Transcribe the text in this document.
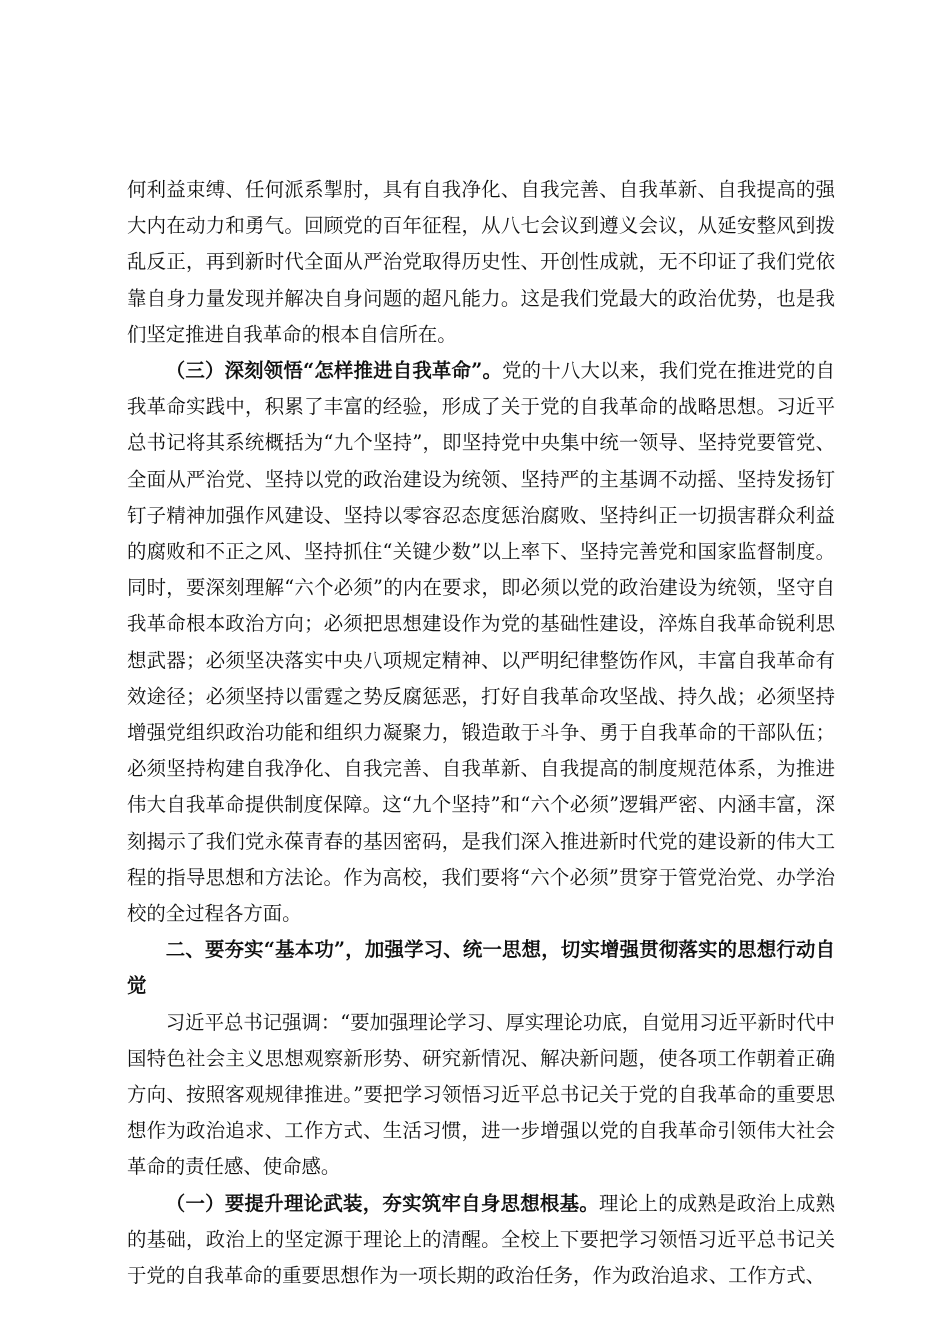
何利益束缚、任何派系掣肘，具有自我净化、自我完善、自我革新、自我提高的强大内在动力和勇气。回顾党的百年征程，从八七会议到遵义会议，从延安整风到拨乱反正，再到新时代全面从严治党取得历史性、开创性成就，无不印证了我们党依靠自身力量发现并解决自身问题的超凡能力。这是我们党最大的政治优势，也是我们坚定推进自我革命的根本自信所在。

（三）深刻领悟“怎样推进自我革命”。党的十八大以来，我们党在推进党的自我革命实践中，积累了丰富的经验，形成了关于党的自我革命的战略思想。习近平总书记将其系统概括为“九个坚持”，即坚持党中央集中统一领导、坚持党要管党、全面从严治党、坚持以党的政治建设为统领、坚持严的主基调不动摇、坚持发扬钉钉子精神加强作风建设、坚持以零容忍态度惩治腐败、坚持纠正一切损害群众利益的腐败和不正之风、坚持抓住“关键少数”以上率下、坚持完善党和国家监督制度。同时，要深刻理解“六个必须”的内在要求，即必须以党的政治建设为统领，坚守自我革命根本政治方向；必须把思想建设作为党的基础性建设，淬炼自我革命锐利思想武器；必须坚决落实中央八项规定精神、以严明纪律整饬作风，丰富自我革命有效途径；必须坚持以雷霆之势反腐惩恶，打好自我革命攻坚战、持久战；必须坚持增强党组织政治功能和组织力凝聚力，锻造敢于斗争、勇于自我革命的干部队伍；必须坚持构建自我净化、自我完善、自我革新、自我提高的制度规范体系，为推进伟大自我革命提供制度保障。这“九个坚持”和“六个必须”逻辑严密、内涵丰富，深刻揭示了我们党永葆青春的基因密码，是我们深入推进新时代党的建设新的伟大工程的指导思想和方法论。作为高校，我们要将“六个必须”贯穿于管党治党、办学治校的全过程各方面。

二、要夯实“基本功”，加强学习、统一思想，切实增强贯彻落实的思想行动自觉

习近平总书记强调：“要加强理论学习、厚实理论功底，自觉用习近平新时代中国特色社会主义思想观察新形势、研究新情况、解决新问题，使各项工作朝着正确方向、按照客观规律推进。”要把学习领悟习近平总书记关于党的自我革命的重要思想作为政治追求、工作方式、生活习惯，进一步增强以党的自我革命引领伟大社会革命的责任感、使命感。

（一）要提升理论武装，夯实筑牢自身思想根基。理论上的成熟是政治上成熟的基础，政治上的坚定源于理论上的清醒。全校上下要把学习领悟习近平总书记关于党的自我革命的重要思想作为一项长期的政治任务，作为政治追求、工作方式、
